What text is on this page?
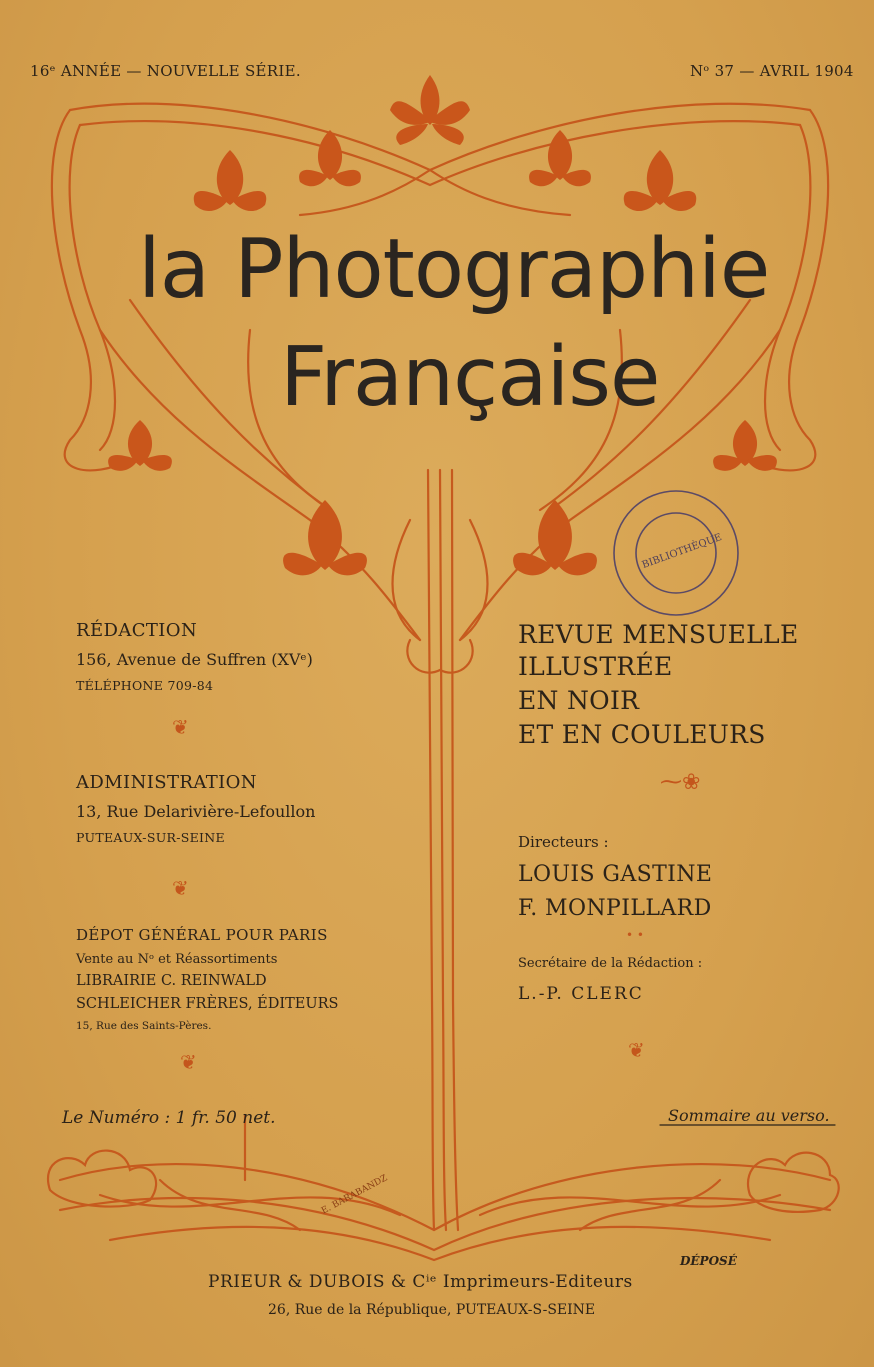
16ᵉ ANNÉE — NOUVELLE SÉRIE.	Nᵒ 37 — AVRIL 1904
la Photographie
Française
BIBLIOTHÈQUE
RÉDACTION
156, Avenue de Suffren (XVᵉ)
TÉLÉPHONE 709-84
❦
ADMINISTRATION
13, Rue Delarivière-Lefoullon
PUTEAUX-SUR-SEINE
❦
DÉPOT GÉNÉRAL POUR PARIS
Vente au Nᵒ et Réassortiments
LIBRAIRIE C. REINWALD
SCHLEICHER FRÈRES, ÉDITEURS
15, Rue des Saints-Pères.
❦
REVUE MENSUELLE
ILLUSTRÉE
EN NOIR
ET EN COULEURS
⁓❀
Directeurs :
LOUIS GASTINE
F. MONPILLARD
• •
Secrétaire de la Rédaction :
L.-P. CLERC
❦
Le Numéro : 1 fr. 50 net.	Sommaire au verso.
E. BARABANDZ
DÉPOSÉ
PRIEUR & DUBOIS & Cⁱᵉ Imprimeurs-Editeurs
26, Rue de la République, PUTEAUX-S-SEINE
